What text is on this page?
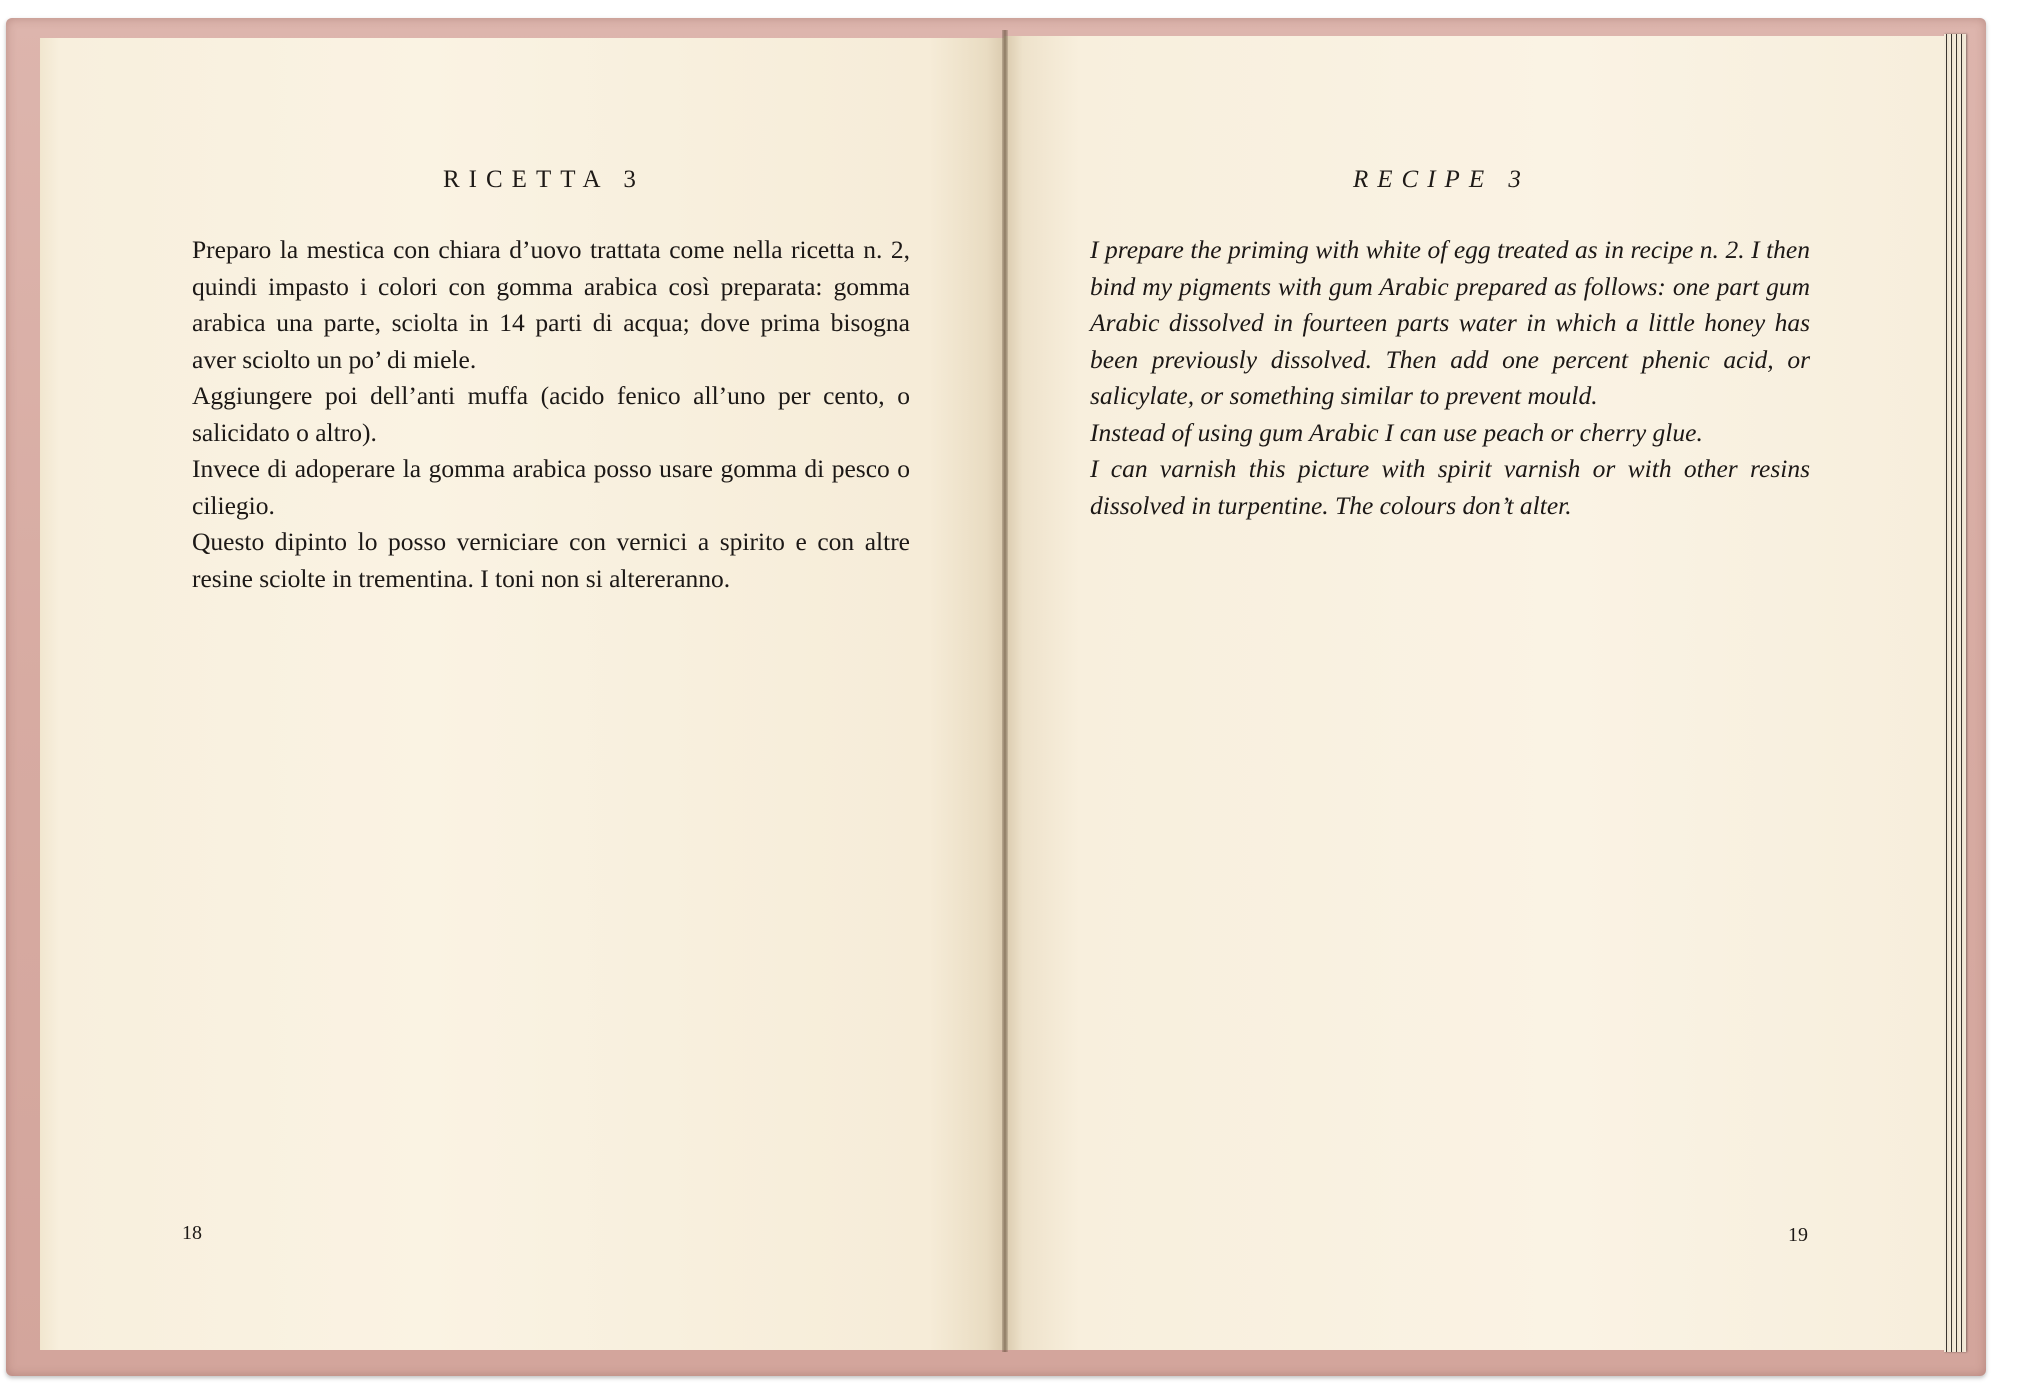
RICETTA 3

Preparo la mestica con chiara d’uovo trattata come nella ricetta n. 2, quindi impasto i colori con gomma arabica così preparata: gomma arabica una parte, sciolta in 14 parti di acqua; dove prima bisogna aver sciolto un po’ di miele.

Aggiungere poi dell’anti muffa (acido fenico all’uno per cento, o salicidato o altro).

Invece di adoperare la gomma arabica posso usare gomma di pesco o ciliegio.

Questo dipinto lo posso verniciare con vernici a spirito e con altre resine sciolte in trementina. I toni non si altereranno.

18

RECIPE 3

I prepare the priming with white of egg treated as in recipe n. 2. I then bind my pigments with gum Arabic prepared as follows: one part gum Arabic dissolved in fourteen parts water in which a little honey has been previously dissolved. Then add one percent phenic acid, or salicylate, or something similar to prevent mould.

Instead of using gum Arabic I can use peach or cherry glue.

I can varnish this picture with spirit varnish or with other resins dissolved in turpentine. The colours don’t alter.

19
